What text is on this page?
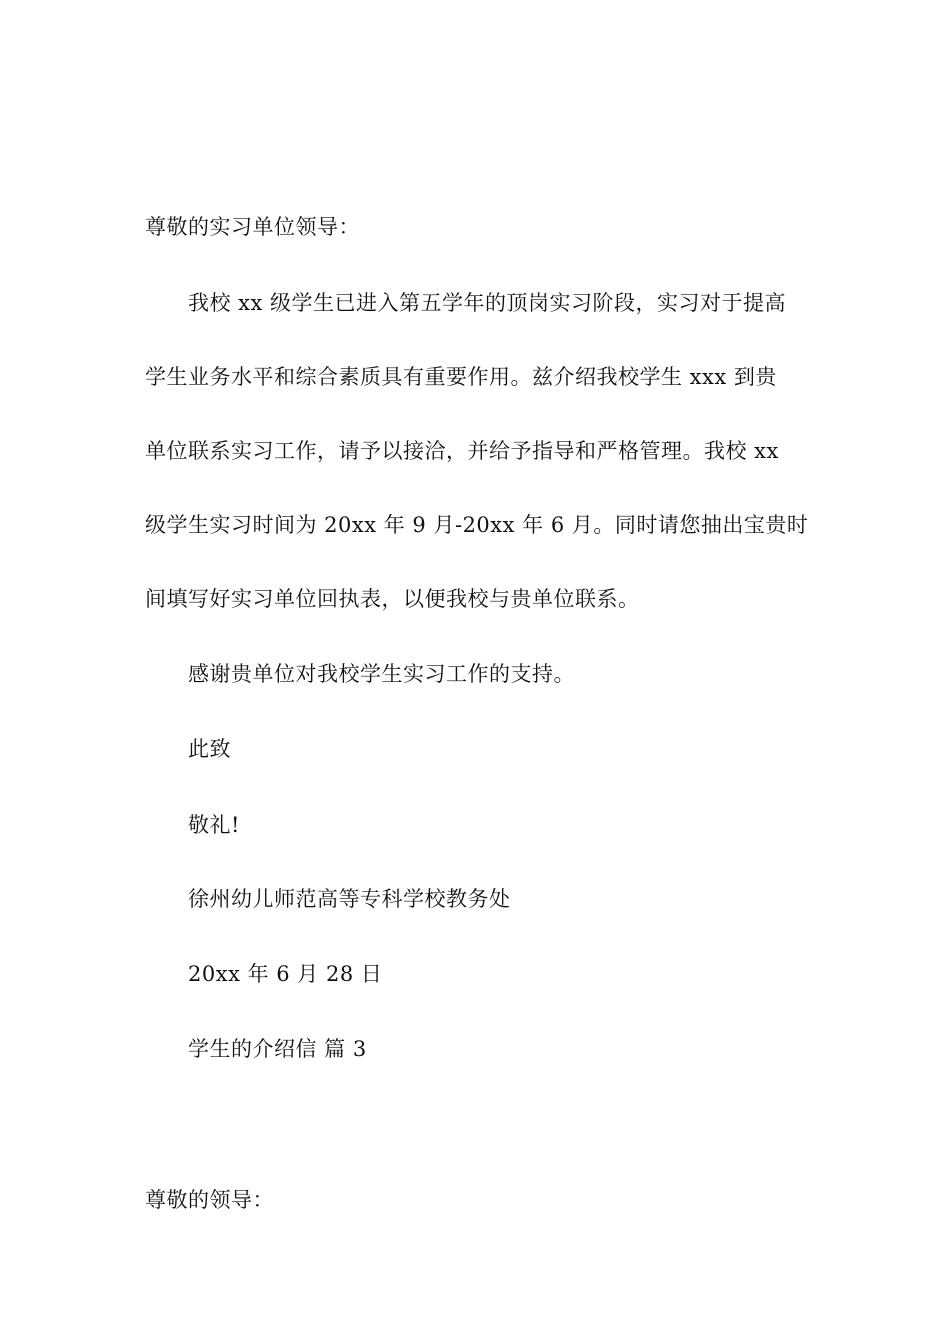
尊敬的实习单位领导：
我校 xx 级学生已进入第五学年的顶岗实习阶段，实习对于提高
学生业务水平和综合素质具有重要作用。兹介绍我校学生 xxx 到贵
单位联系实习工作，请予以接洽，并给予指导和严格管理。我校 xx
级学生实习时间为 20xx 年 9 月-20xx 年 6 月。同时请您抽出宝贵时
间填写好实习单位回执表，以便我校与贵单位联系。
感谢贵单位对我校学生实习工作的支持。
此致
敬礼!
徐州幼儿师范高等专科学校教务处
20xx 年 6 月 28 日
学生的介绍信 篇 3
尊敬的领导：
